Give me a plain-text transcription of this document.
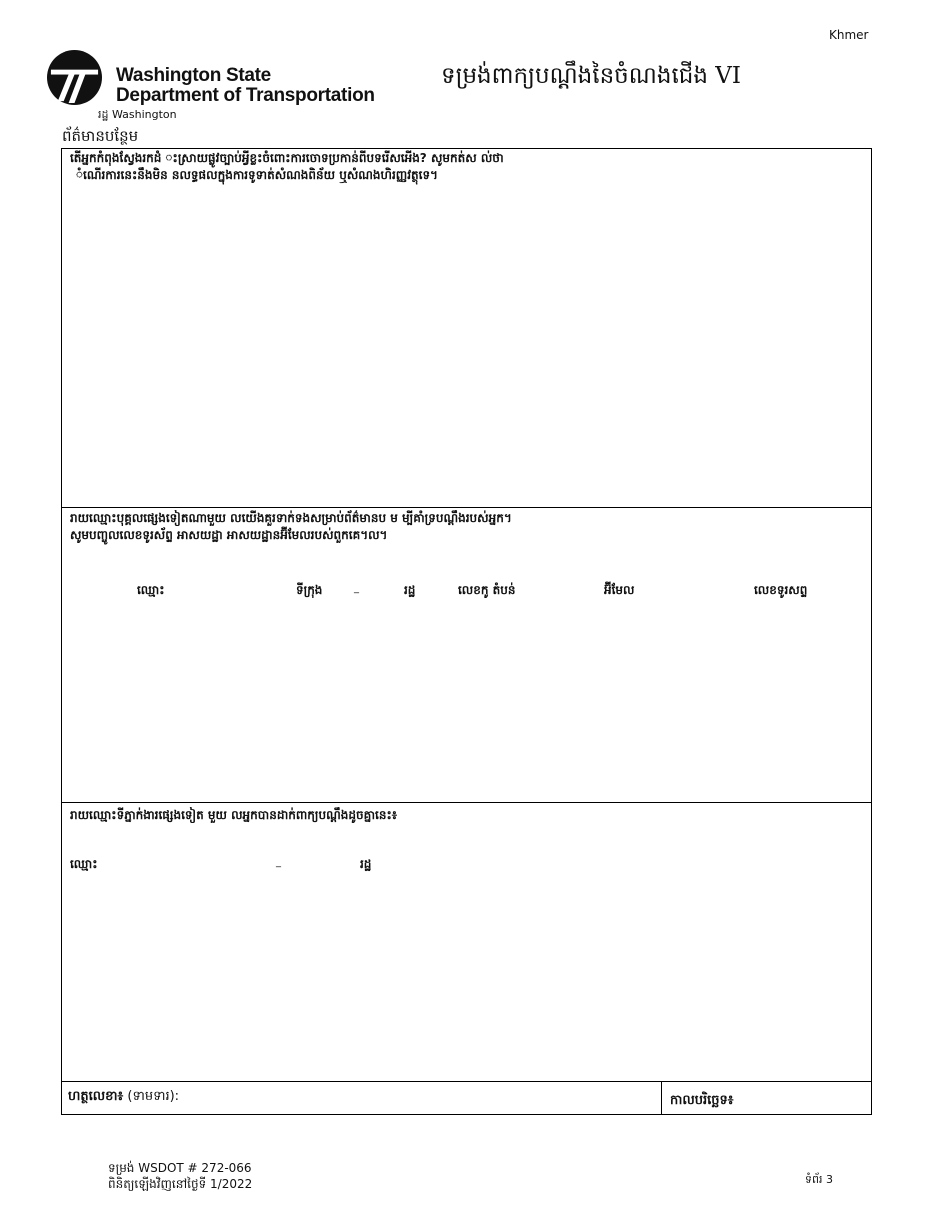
Khmer
Washington State
Department of Transportation
រដ្ឋ Washington
ទម្រង់ពាក្យបណ្តឹងនៃចំណងជើង VI
ព័ត៌មានបន្ថែម
តើអ្នកកំពុងស្វែងរកដំ ះស្រាយផ្លូវច្បាប់អ្វីខ្លះចំពោះការចោទប្រកាន់ពីបទរើសអើង? សូមកត់ស ល់ថា
ំណើរការនេះនឹងមិន នលទ្ធផលក្នុងការទូទាត់សំណងពិន័យ ឬសំណងហិរញ្ញវត្ថុទេ។
រាយឈ្មោះបុគ្គលផ្សេងទៀតណាមួយ លយើងគួរទាក់ទងសម្រាប់ព័ត៌មានប ម ម្បីគាំទ្របណ្តឹងរបស់អ្នក។
សូមបញ្ចូលលេខទូរស័ព្ទ អាសយដ្ឋា អាសយដ្ឋានអ៊ីមែលរបស់ពួកគេ។ល។
ឈ្មោះ	ទីក្រុង	_	រដ្ឋ	លេខកូ តំបន់	អ៊ីមែល	លេខទូរសព្ទ
រាយឈ្មោះទីភ្នាក់ងារផ្សេងទៀត មួយ លអ្នកបានដាក់ពាក្យបណ្តឹងដូចគ្នានេះ៖
ឈ្មោះ	_	រដ្ឋ
ហត្ថលេខា៖ (ទាមទារ):	កាលបរិច្ឆេទ៖
ទម្រង់ WSDOT # 272-066
ពិនិត្យឡើងវិញនៅថ្ងៃទី 1/2022	ទំព័រ 3
